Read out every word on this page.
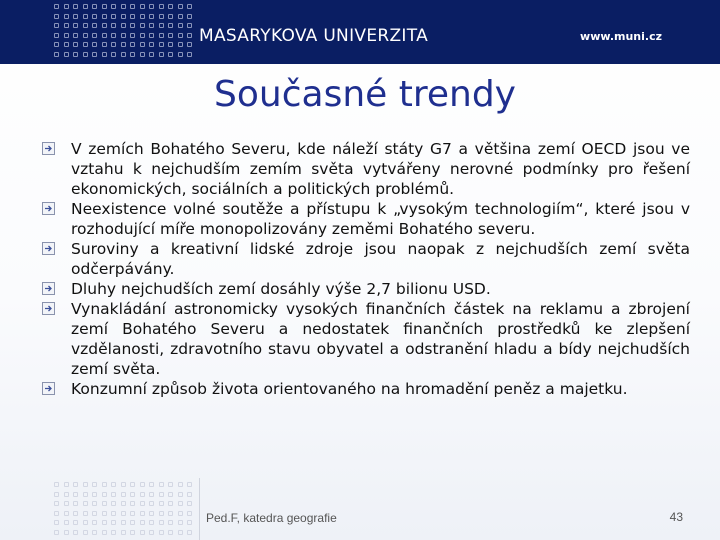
MASARYKOVA UNIVERZITA	www.muni.cz
Současné trendy
V zemích Bohatého Severu, kde náleží státy G7 a většina zemí OECD jsou ve vztahu k nejchudším zemím světa vytvářeny nerovné podmínky pro řešení ekonomických, sociálních a politických problémů.
Neexistence volné soutěže a přístupu k „vysokým technologiím“, které jsou v rozhodující míře monopolizovány zeměmi Bohatého severu.
Suroviny a kreativní lidské zdroje jsou naopak z nejchudších zemí světa odčerpávány.
Dluhy nejchudších zemí dosáhly výše 2,7 bilionu USD.
Vynakládání astronomicky vysokých finančních částek na reklamu a zbrojení zemí Bohatého Severu a nedostatek finančních prostředků ke zlepšení vzdělanosti, zdravotního stavu obyvatel a odstranění hladu a bídy nejchudších zemí světa.
Konzumní způsob života orientovaného na hromadění peněz a majetku.
Ped.F, katedra geografie	43
